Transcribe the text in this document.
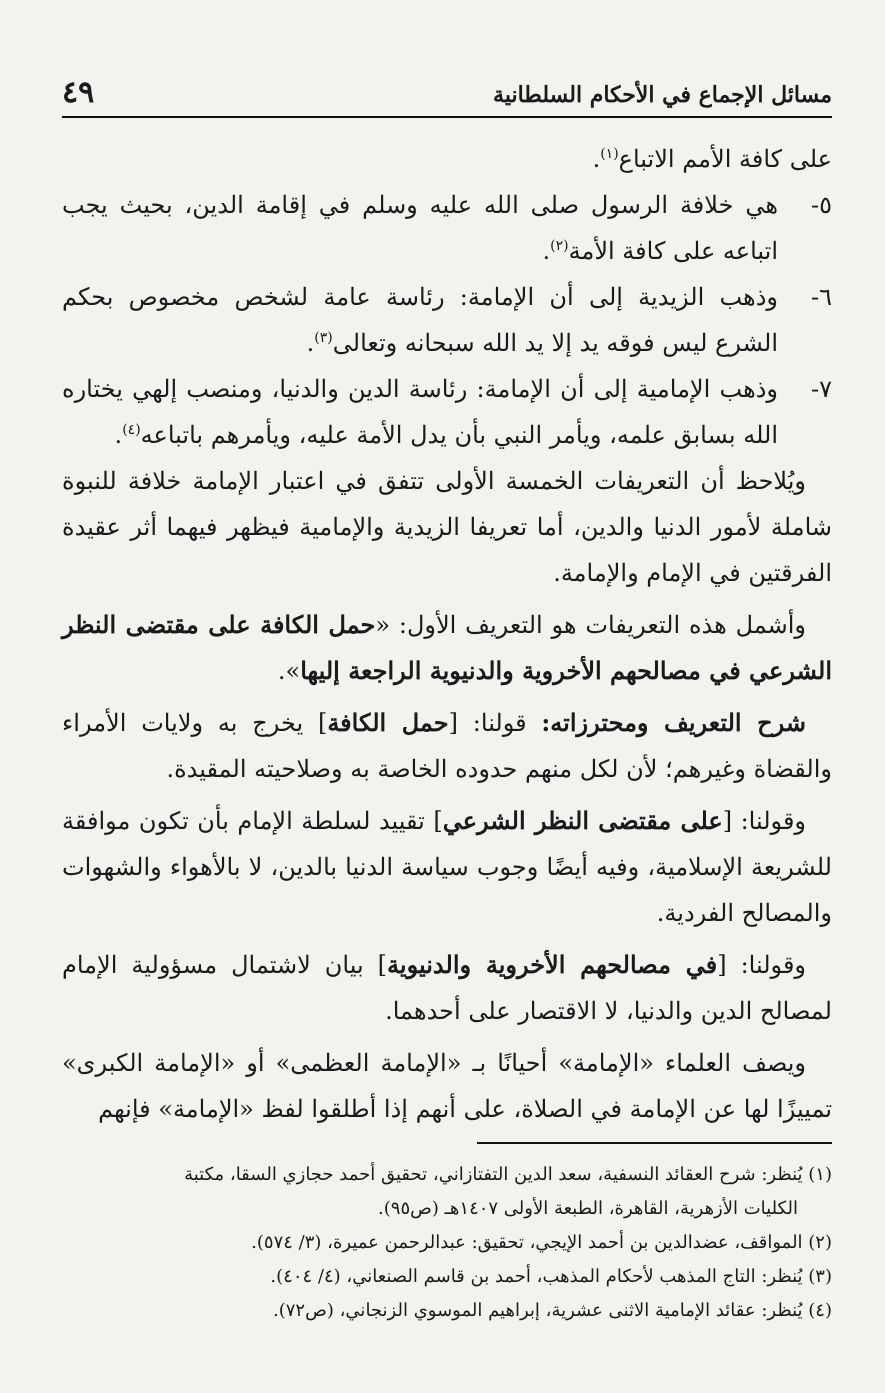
مسائل الإجماع في الأحكام السلطانية
٤٩

على كافة الأمم الاتباع$^{(١)}$.

٥-
هي خلافة الرسول صلى الله عليه وسلم في إقامة الدين، بحيث يجب اتباعه على كافة الأمة$^{(٢)}$.
٦-
وذهب الزيدية إلى أن الإمامة: رئاسة عامة لشخص مخصوص بحكم الشرع ليس فوقه يد إلا يد الله سبحانه وتعالى$^{(٣)}$.
٧-
وذهب الإمامية إلى أن الإمامة: رئاسة الدين والدنيا، ومنصب إلهي يختاره الله بسابق علمه، ويأمر النبي بأن يدل الأمة عليه، ويأمرهم باتباعه$^{(٤)}$.

ويُلاحظ أن التعريفات الخمسة الأولى تتفق في اعتبار الإمامة خلافة للنبوة شاملة لأمور الدنيا والدين، أما تعريفا الزيدية والإمامية فيظهر فيهما أثر عقيدة الفرقتين في الإمام والإمامة.

وأشمل هذه التعريفات هو التعريف الأول: «حمل الكافة على مقتضى النظر الشرعي في مصالحهم الأخروية والدنيوية الراجعة إليها».

شرح التعريف ومحترزاته: قولنا: [حمل الكافة] يخرج به ولايات الأمراء والقضاة وغيرهم؛ لأن لكل منهم حدوده الخاصة به وصلاحيته المقيدة.

وقولنا: [على مقتضى النظر الشرعي] تقييد لسلطة الإمام بأن تكون موافقة للشريعة الإسلامية، وفيه أيضًا وجوب سياسة الدنيا بالدين، لا بالأهواء والشهوات والمصالح الفردية.

وقولنا: [في مصالحهم الأخروية والدنيوية] بيان لاشتمال مسؤولية الإمام لمصالح الدين والدنيا، لا الاقتصار على أحدهما.

ويصف العلماء «الإمامة» أحيانًا بـ «الإمامة العظمى» أو «الإمامة الكبرى» تمييزًا لها عن الإمامة في الصلاة، على أنهم إذا أطلقوا لفظ «الإمامة» فإنهم

(١) يُنظر: شرح العقائد النسفية، سعد الدين التفتازاني، تحقيق أحمد حجازي السقا، مكتبة

الكليات الأزهرية، القاهرة، الطبعة الأولى ١٤٠٧هـ (ص٩٥).

(٢) المواقف، عضدالدين بن أحمد الإيجي، تحقيق: عبدالرحمن عميرة، (٣/ ٥٧٤).

(٣) يُنظر: التاج المذهب لأحكام المذهب، أحمد بن قاسم الصنعاني، (٤/ ٤٠٤).

(٤) يُنظر: عقائد الإمامية الاثنى عشرية، إبراهيم الموسوي الزنجاني، (ص٧٢).
